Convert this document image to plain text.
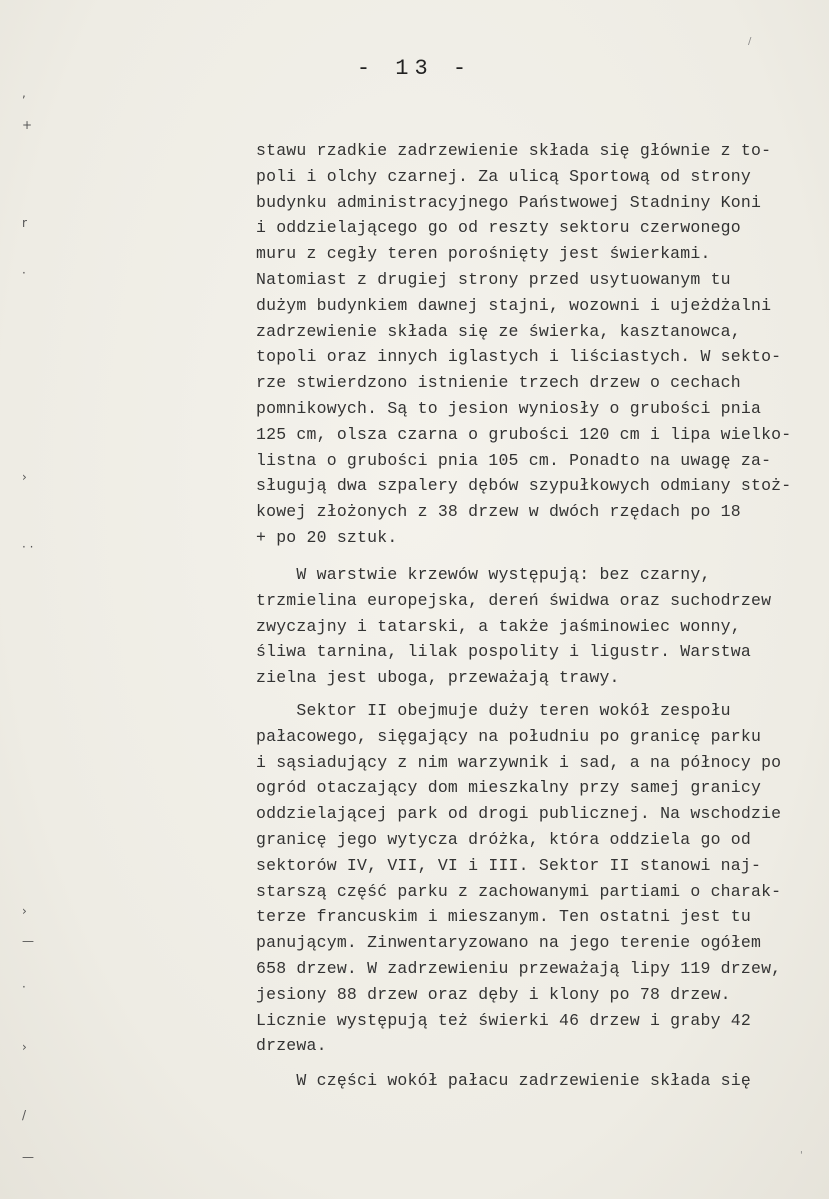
- 13 -
,
+
r
·
›
· ·
›
—
·
›
/
—
/
'
stawu rzadkie zadrzewienie składa się głównie z to-
poli i olchy czarnej. Za ulicą Sportową od strony
budynku administracyjnego Państwowej Stadniny Koni
i oddzielającego go od reszty sektoru czerwonego
muru z cegły teren porośnięty jest świerkami.
Natomiast z drugiej strony przed usytuowanym tu
dużym budynkiem dawnej stajni, wozowni i ujeżdżalni
zadrzewienie składa się ze świerka, kasztanowca,
topoli oraz innych iglastych i liściastych. W sekto-
rze stwierdzono istnienie trzech drzew o cechach
pomnikowych. Są to jesion wyniosły o grubości pnia
125 cm, olsza czarna o grubości 120 cm i lipa wielko-
listna o grubości pnia 105 cm. Ponadto na uwagę za-
sługują dwa szpalery dębów szypułkowych odmiany stoż-
kowej złożonych z 38 drzew w dwóch rzędach po 18
+ po 20 sztuk.
W warstwie krzewów występują: bez czarny,
trzmielina europejska, dereń świdwa oraz suchodrzew
zwyczajny i tatarski, a także jaśminowiec wonny,
śliwa tarnina, lilak pospolity i ligustr. Warstwa
zielna jest uboga, przeważają trawy.
Sektor II obejmuje duży teren wokół zespołu
pałacowego, sięgający na południu po granicę parku
i sąsiadujący z nim warzywnik i sad, a na północy po
ogród otaczający dom mieszkalny przy samej granicy
oddzielającej park od drogi publicznej. Na wschodzie
granicę jego wytycza dróżka, która oddziela go od
sektorów IV, VII, VI i III. Sektor II stanowi naj-
starszą część parku z zachowanymi partiami o charak-
terze francuskim i mieszanym. Ten ostatni jest tu
panującym. Zinwentaryzowano na jego terenie ogółem
658 drzew. W zadrzewieniu przeważają lipy 119 drzew,
jesiony 88 drzew oraz dęby i klony po 78 drzew.
Licznie występują też świerki 46 drzew i graby 42
drzewa.
W części wokół pałacu zadrzewienie składa się
